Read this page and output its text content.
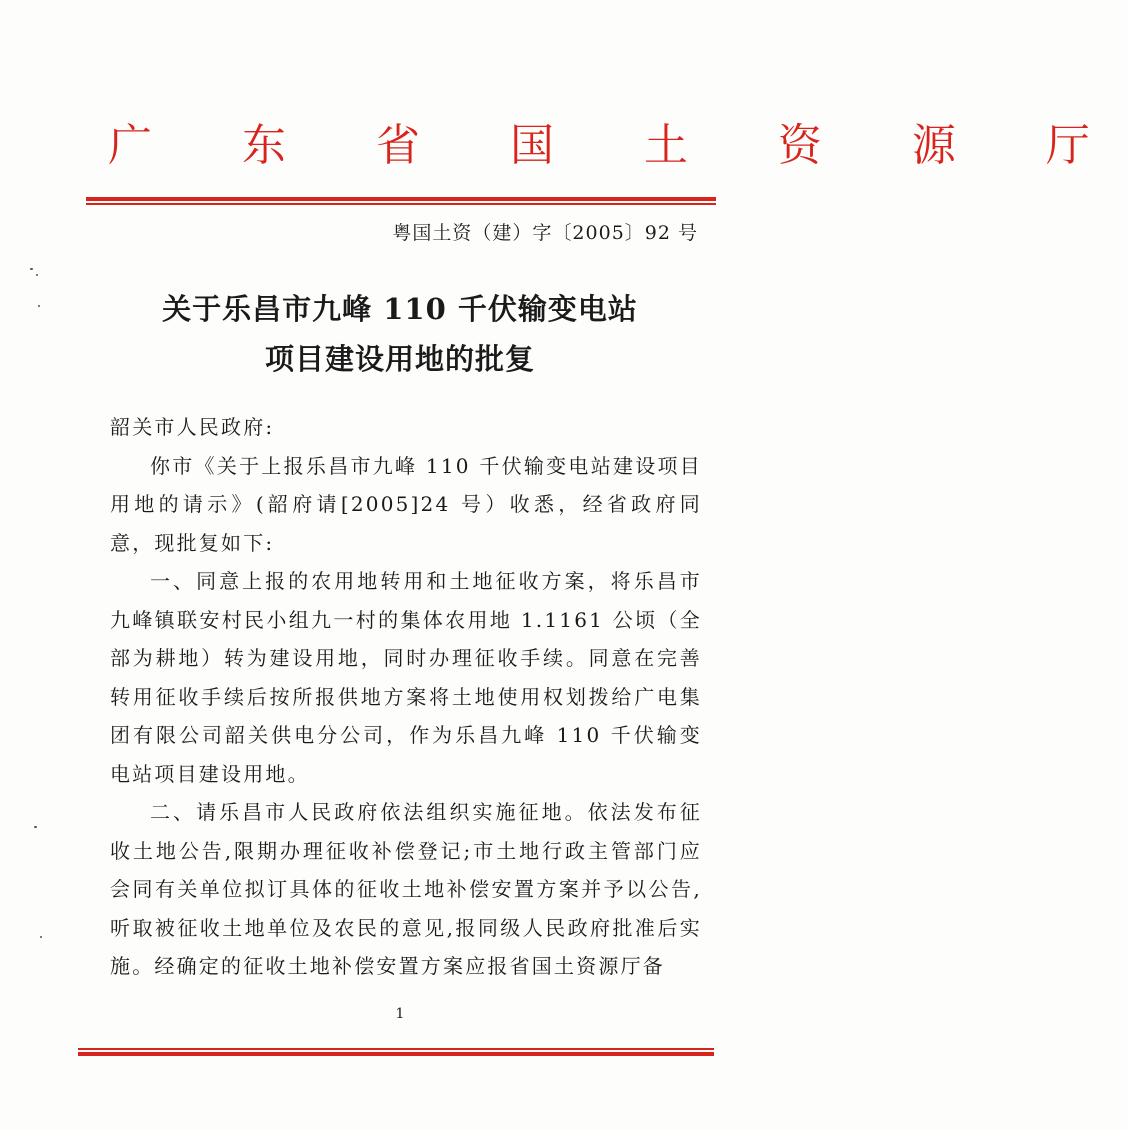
广 东 省 国 土 资 源 厅
粤国土资（建）字〔2005〕92 号
关于乐昌市九峰 110 千伏输变电站
项目建设用地的批复

韶关市人民政府:

你市《关于上报乐昌市九峰 110 千伏输变电站建设项目用地的请示》(韶府请[2005]24 号）收悉，经省政府同意，现批复如下:

一、同意上报的农用地转用和土地征收方案，将乐昌市九峰镇联安村民小组九一村的集体农用地 1.1161 公顷（全部为耕地）转为建设用地，同时办理征收手续。同意在完善转用征收手续后按所报供地方案将土地使用权划拨给广电集团有限公司韶关供电分公司，作为乐昌九峰 110 千伏输变电站项目建设用地。

二、请乐昌市人民政府依法组织实施征地。依法发布征收土地公告,限期办理征收补偿登记;市土地行政主管部门应会同有关单位拟订具体的征收土地补偿安置方案并予以公告,听取被征收土地单位及农民的意见,报同级人民政府批准后实施。经确定的征收土地补偿安置方案应报省国土资源厅备

1
